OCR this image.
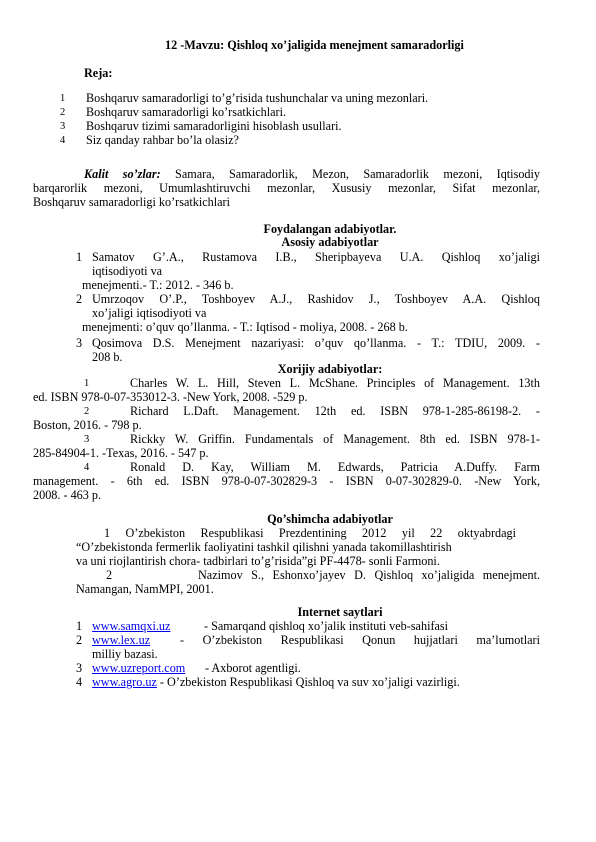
12 -Mavzu: Qishloq xo’jaligida menejment samaradorligi
Reja:
1 Boshqaruv samaradorligi to’g’risida tushunchalar va uning mezonlari.
2 Boshqaruv samaradorligi ko’rsatkichlari.
3 Boshqaruv tizimi samaradorligini hisoblash usullari.
4 Siz qanday rahbar bo’la olasiz?
Kalit so’zlar: Samara, Samaradorlik, Mezon, Samaradorlik mezoni, Iqtisodiy
barqarorlik mezoni, Umumlashtiruvchi mezonlar, Xususiy mezonlar, Sifat mezonlar,
Boshqaruv samaradorligi ko’rsatkichlari
Foydalangan adabiyotlar.
Asosiy adabiyotlar
1 Samatov G’.A., Rustamova I.B., Sheripbayeva U.A. Qishloq xo’jaligi
iqtisodiyoti va
menejmenti.- T.: 2012. - 346 b.
2 Umrzoqov O’.P., Toshboyev A.J., Rashidov J., Toshboyev A.A. Qishloq
xo’jaligi iqtisodiyoti va
menejmenti: o’quv qo’llanma. - T.: Iqtisod - moliya, 2008. - 268 b.
3 Qosimova D.S. Menejment nazariyasi: o’quv qo’llanma. - T.: TDIU, 2009. -
208 b.
Xorijiy adabiyotlar:
1	Charles W. L. Hill, Steven L. McShane. Principles of Management. 13th
ed. ISBN 978-0-07-353012-3. -New York, 2008. -529 p.
2	Richard L.Daft. Management. 12th ed. ISBN 978-1-285-86198-2. -
Boston, 2016. - 798 p.
3	Rickky W. Griffin. Fundamentals of Management. 8th ed. ISBN 978-1-
285-84904-1. -Texas, 2016. - 547 p.
4	Ronald D. Kay, William M. Edwards, Patricia A.Duffy. Farm
management. - 6th ed. ISBN 978-0-07-302829-3 - ISBN 0-07-302829-0. -New York,
2008. - 463 p.
Qo’shimcha adabiyotlar
1 O’zbekiston Respublikasi Prezdentining 2012 yil 22 oktyabrdagi
“O’zbekistonda fermerlik faoliyatini tashkil qilishni yanada takomillashtirish
va uni riojlantirish chora- tadbirlari to’g’risida”gi PF-4478- sonli Farmoni.
2	Nazimov S., Eshonxo’jayev D. Qishloq xo’jaligida menejment.
Namangan, NamMPI, 2001.
Internet saytlari
1 www.samqxi.uz	- Samarqand qishloq xo’jalik instituti veb-sahifasi
2 www.lex.uz - O’zbekiston Respublikasi Qonun hujjatlari ma’lumotlari
milliy bazasi.
3 www.uzreport.com - Axborot agentligi.
4 www.agro.uz - O’zbekiston Respublikasi Qishloq va suv xo’jaligi vazirligi.
